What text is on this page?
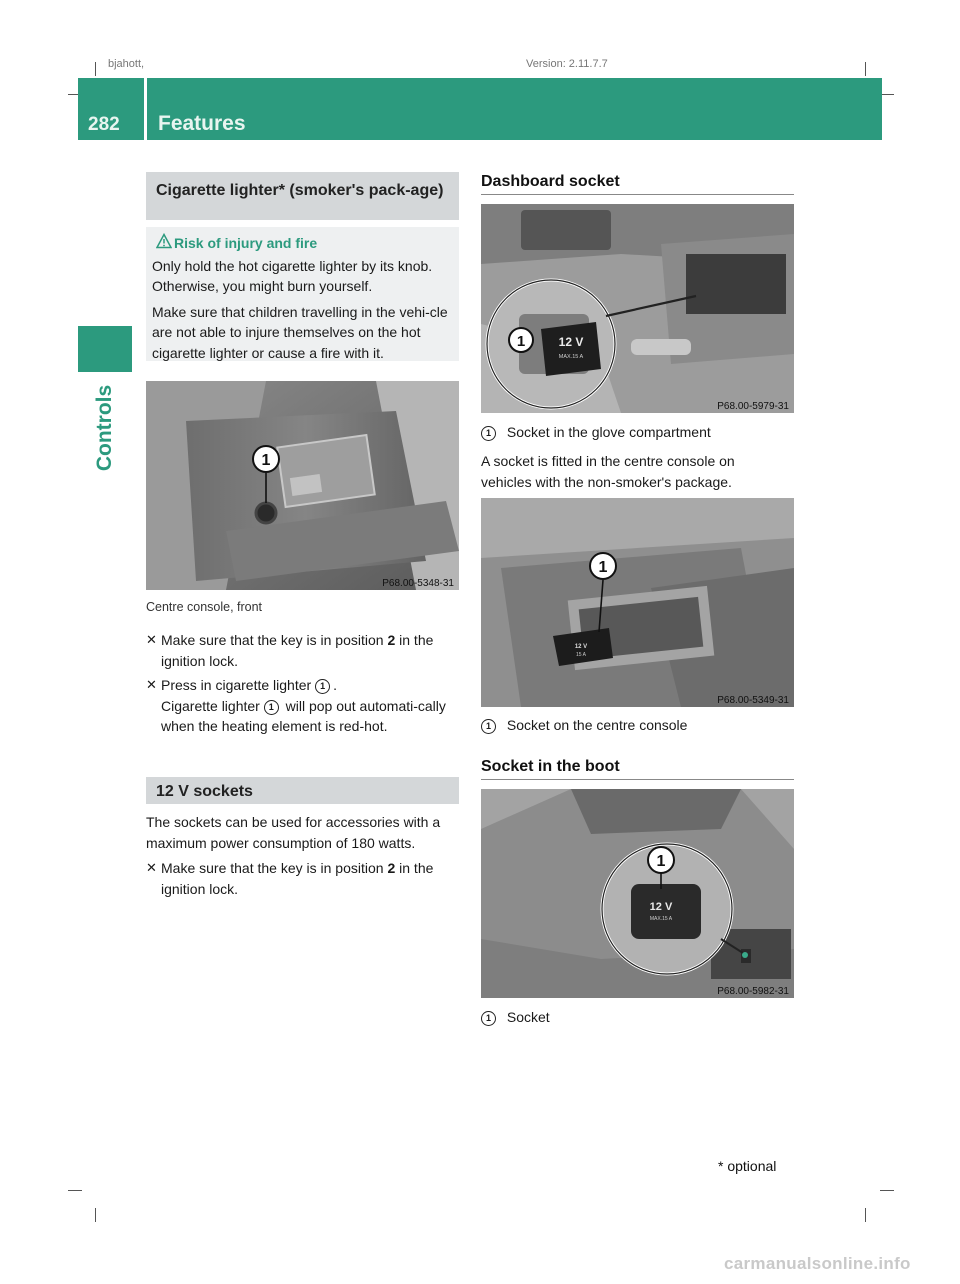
bjahott,	Version: 2.11.7.7
282 Features
Controls
Cigarette lighter* (smoker's pack-age)
Risk of injury and fire

Only hold the hot cigarette lighter by its knob. Otherwise, you might burn yourself.

Make sure that children travelling in the vehi-cle are not able to injure themselves on the hot cigarette lighter or cause a fire with it.

1
P68.00-5348-31
Centre console, front
✕ Make sure that the key is in position 2 in the ignition lock.
✕ Press in cigarette lighter 1 .
Cigarette lighter 1 will pop out automati-cally when the heating element is red-hot.
12 V sockets

The sockets can be used for accessories with a maximum power consumption of 180 watts.

✕ Make sure that the key is in position 2 in the ignition lock.
Dashboard socket
12 V
MAX.15 A
1
P68.00-5979-31
1 Socket in the glove compartment

A socket is fitted in the centre console on vehicles with the non-smoker's package.

12 V
15 A
1
P68.00-5349-31
1 Socket on the centre console
Socket in the boot
12 V
MAX.15 A
1
P68.00-5982-31
1 Socket
* optional
carmanualsonline.info
